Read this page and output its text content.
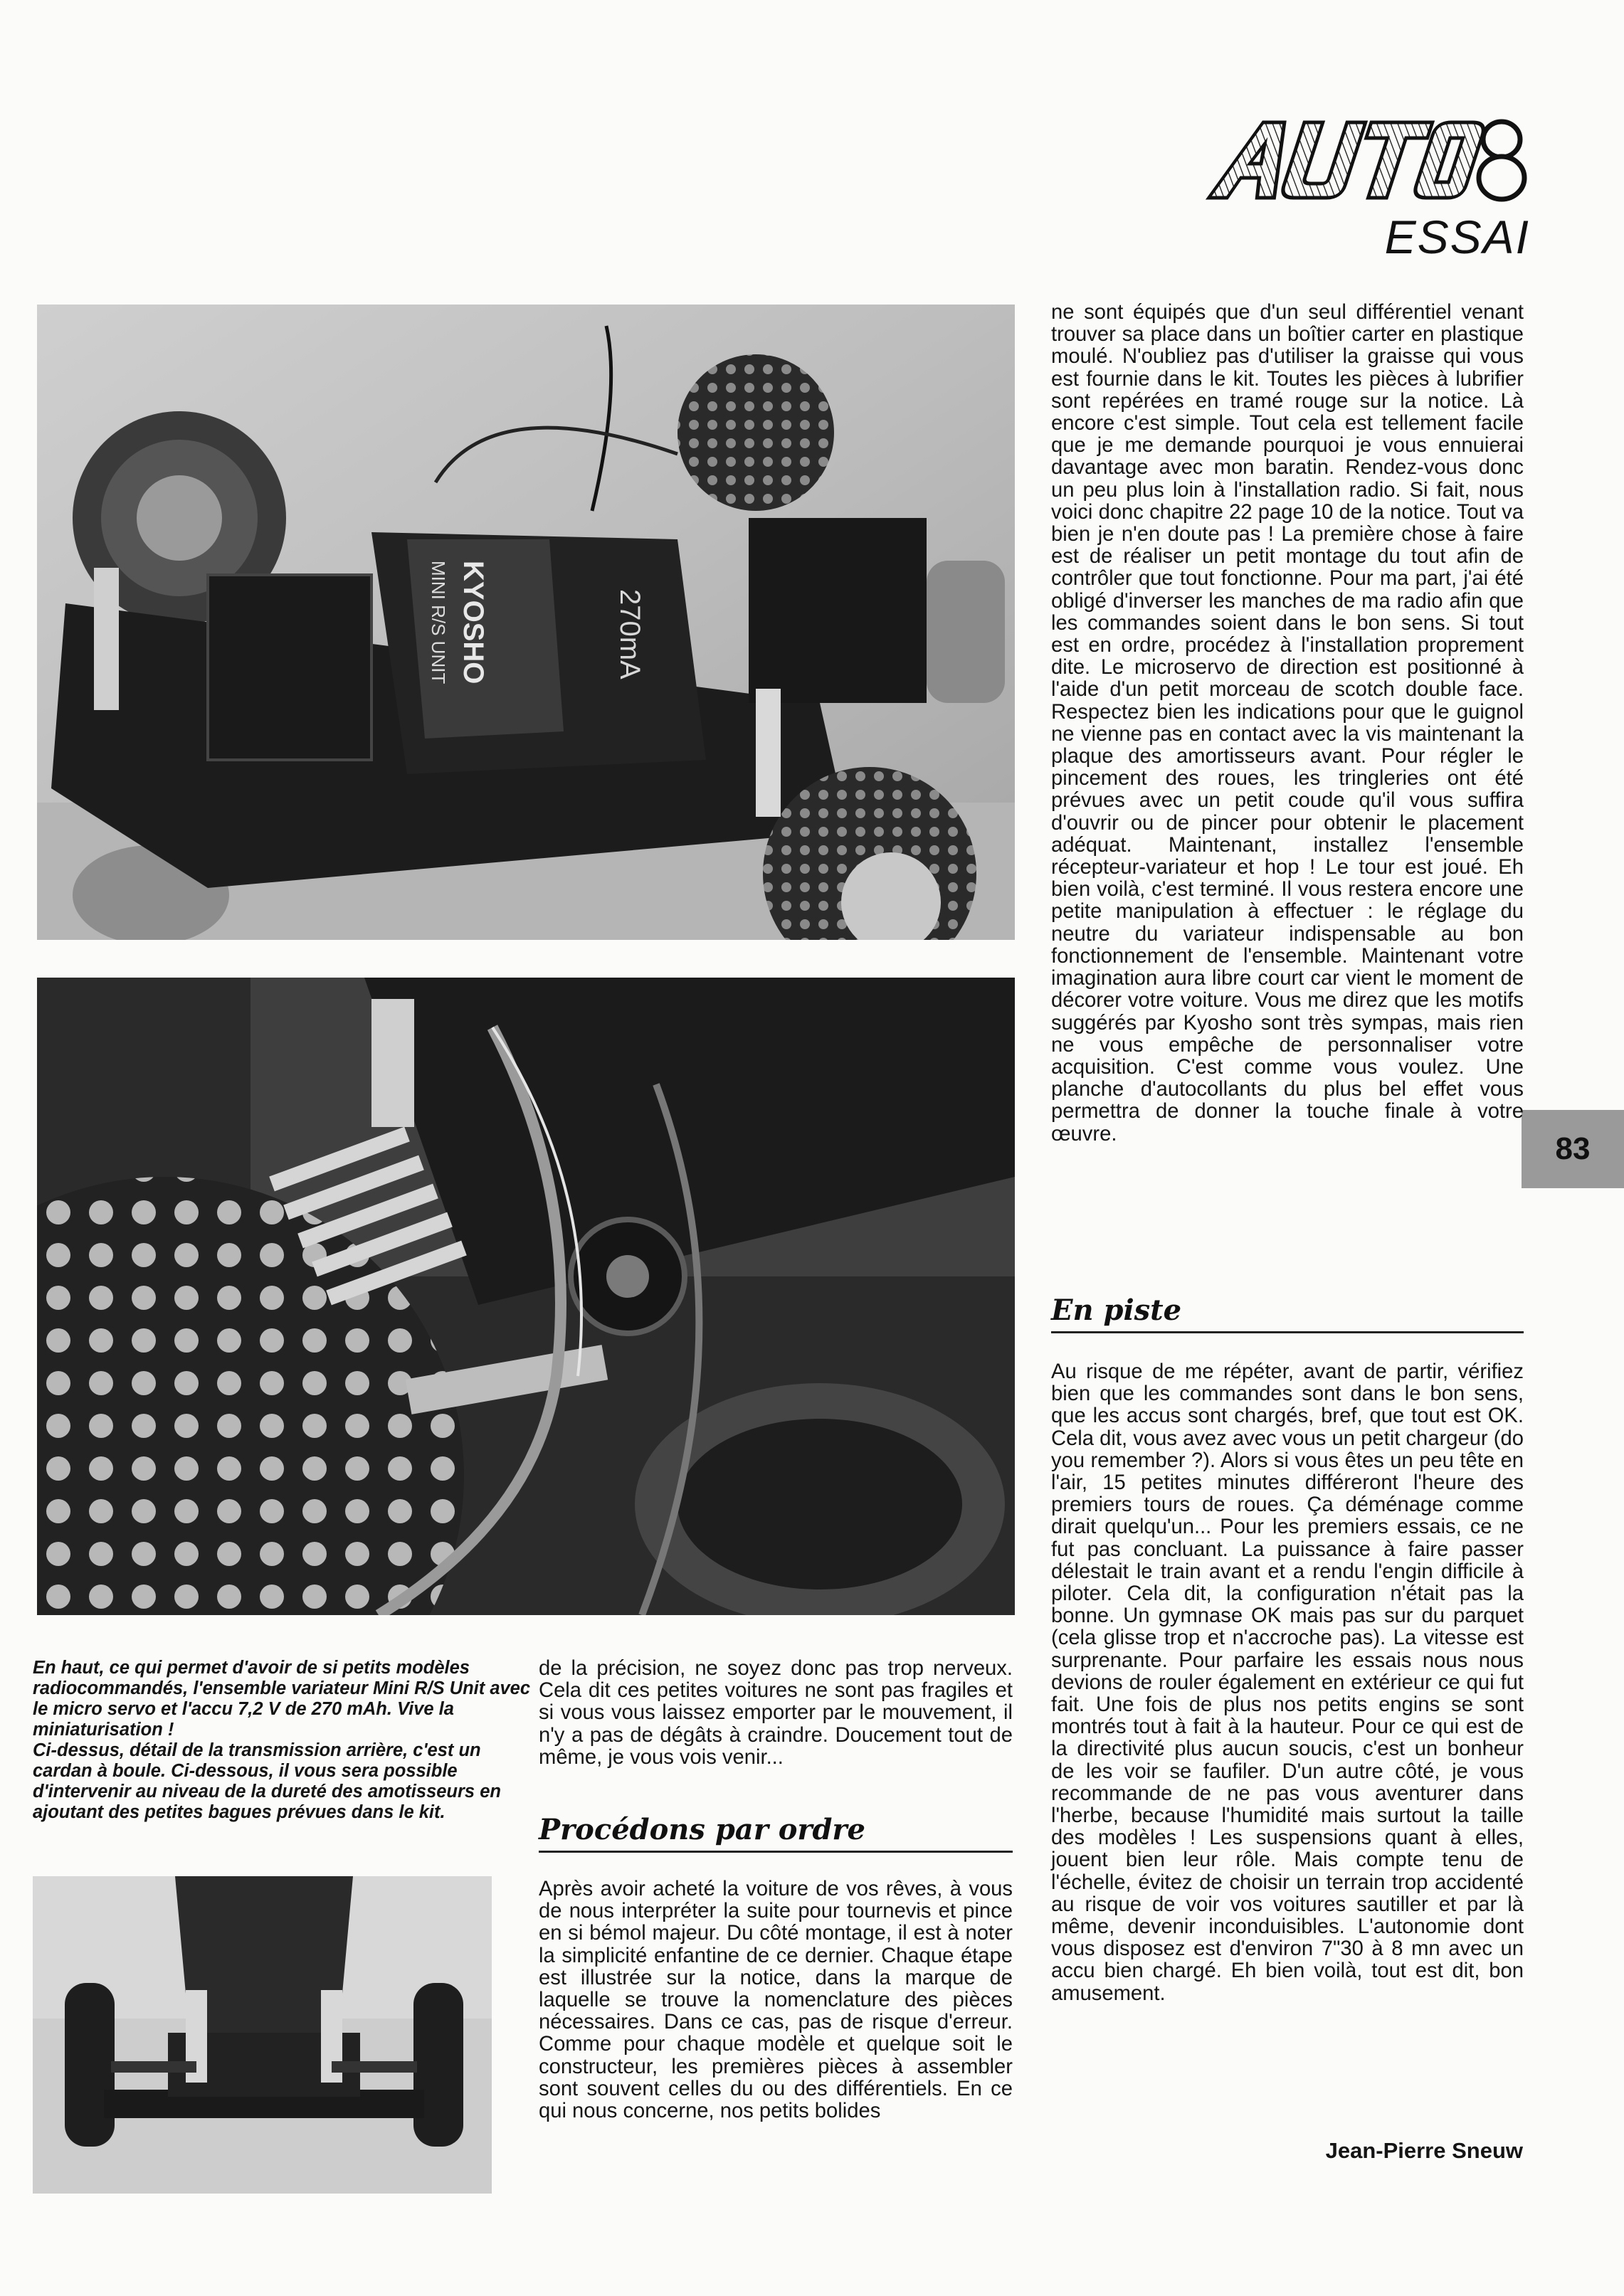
ESSAI
83
KYOSHO
MINI R/S UNIT	270mA

ne sont équipés que d'un seul différentiel venant trouver sa place dans un boîtier carter en plastique moulé. N'oubliez pas d'utiliser la graisse qui vous est fournie dans le kit. Toutes les pièces à lubrifier sont repérées en tramé rouge sur la notice. Là encore c'est simple. Tout cela est tellement facile que je me demande pourquoi je vous ennuierai davantage avec mon baratin. Rendez-vous donc un peu plus loin à l'installation radio. Si fait, nous voici donc chapitre 22 page 10 de la notice. Tout va bien je n'en doute pas ! La première chose à faire est de réaliser un petit montage du tout afin de contrôler que tout fonctionne. Pour ma part, j'ai été obligé d'inverser les manches de ma radio afin que les commandes soient dans le bon sens. Si tout est en ordre, procédez à l'installation proprement dite. Le microservo de direction est positionné à l'aide d'un petit morceau de scotch double face. Respectez bien les indications pour que le guignol ne vienne pas en contact avec la vis maintenant la plaque des amortisseurs avant. Pour régler le pincement des roues, les tringleries ont été prévues avec un petit coude qu'il vous suffira d'ouvrir ou de pincer pour obtenir le placement adéquat. Maintenant, installez l'ensemble récepteur-variateur et hop ! Le tour est joué. Eh bien voilà, c'est terminé. Il vous restera encore une petite manipulation à effectuer : le réglage du neutre du variateur indispensable au bon fonctionnement de l'ensemble. Maintenant votre imagination aura libre court car vient le moment de décorer votre voiture. Vous me direz que les motifs suggérés par Kyosho sont très sympas, mais rien ne vous empêche de personnaliser votre acquisition. C'est comme vous voulez. Une planche d'autocollants du plus bel effet vous permettra de donner la touche finale à votre œuvre.

En piste

Au risque de me répéter, avant de partir, vérifiez bien que les commandes sont dans le bon sens, que les accus sont chargés, bref, que tout est OK. Cela dit, vous avez avec vous un petit chargeur (do you remember ?). Alors si vous êtes un peu tête en l'air, 15 petites minutes différeront l'heure des premiers tours de roues. Ça déménage comme dirait quelqu'un... Pour les premiers essais, ce ne fut pas concluant. La puissance à faire passer délestait le train avant et a rendu l'engin difficile à piloter. Cela dit, la configuration n'était pas la bonne. Un gymnase OK mais pas sur du parquet (cela glisse trop et n'accroche pas). La vitesse est surprenante. Pour parfaire les essais nous nous devions de rouler également en extérieur ce qui fut fait. Une fois de plus nos petits engins se sont montrés tout à fait à la hauteur. Pour ce qui est de la directivité plus aucun soucis, c'est un bonheur de les voir se faufiler. D'un autre côté, je vous recommande de ne pas vous aventurer dans l'herbe, because l'humidité mais surtout la taille des modèles ! Les suspensions quant à elles, jouent bien leur rôle. Mais compte tenu de l'échelle, évitez de choisir un terrain trop accidenté au risque de voir vos voitures sautiller et par là même, devenir inconduisibles. L'autonomie dont vous disposez est d'environ 7"30 à 8 mn avec un accu bien chargé. Eh bien voilà, tout est dit, bon amusement.

En haut, ce qui permet d'avoir de si petits modèles radiocommandés, l'ensemble variateur Mini R/S Unit avec le micro servo et l'accu 7,2 V de 270 mAh. Vive la miniaturisation !

Ci-dessus, détail de la transmission arrière, c'est un cardan à boule. Ci-dessous, il vous sera possible d'intervenir au niveau de la dureté des amotisseurs en ajoutant des petites bagues prévues dans le kit.

de la précision, ne soyez donc pas trop nerveux. Cela dit ces petites voitures ne sont pas fragiles et si vous vous laissez emporter par le mouvement, il n'y a pas de dégâts à craindre. Doucement tout de même, je vous vois venir...

Procédons par ordre

Après avoir acheté la voiture de vos rêves, à vous de nous interpréter la suite pour tournevis et pince en si bémol majeur. Du côté montage, il est à noter la simplicité enfantine de ce dernier. Chaque étape est illustrée sur la notice, dans la marque de laquelle se trouve la nomenclature des pièces nécessaires. Dans ce cas, pas de risque d'erreur. Comme pour chaque modèle et quelque soit le constructeur, les premières pièces à assembler sont souvent celles du ou des différentiels. En ce qui nous concerne, nos petits bolides

Jean-Pierre Sneuw
